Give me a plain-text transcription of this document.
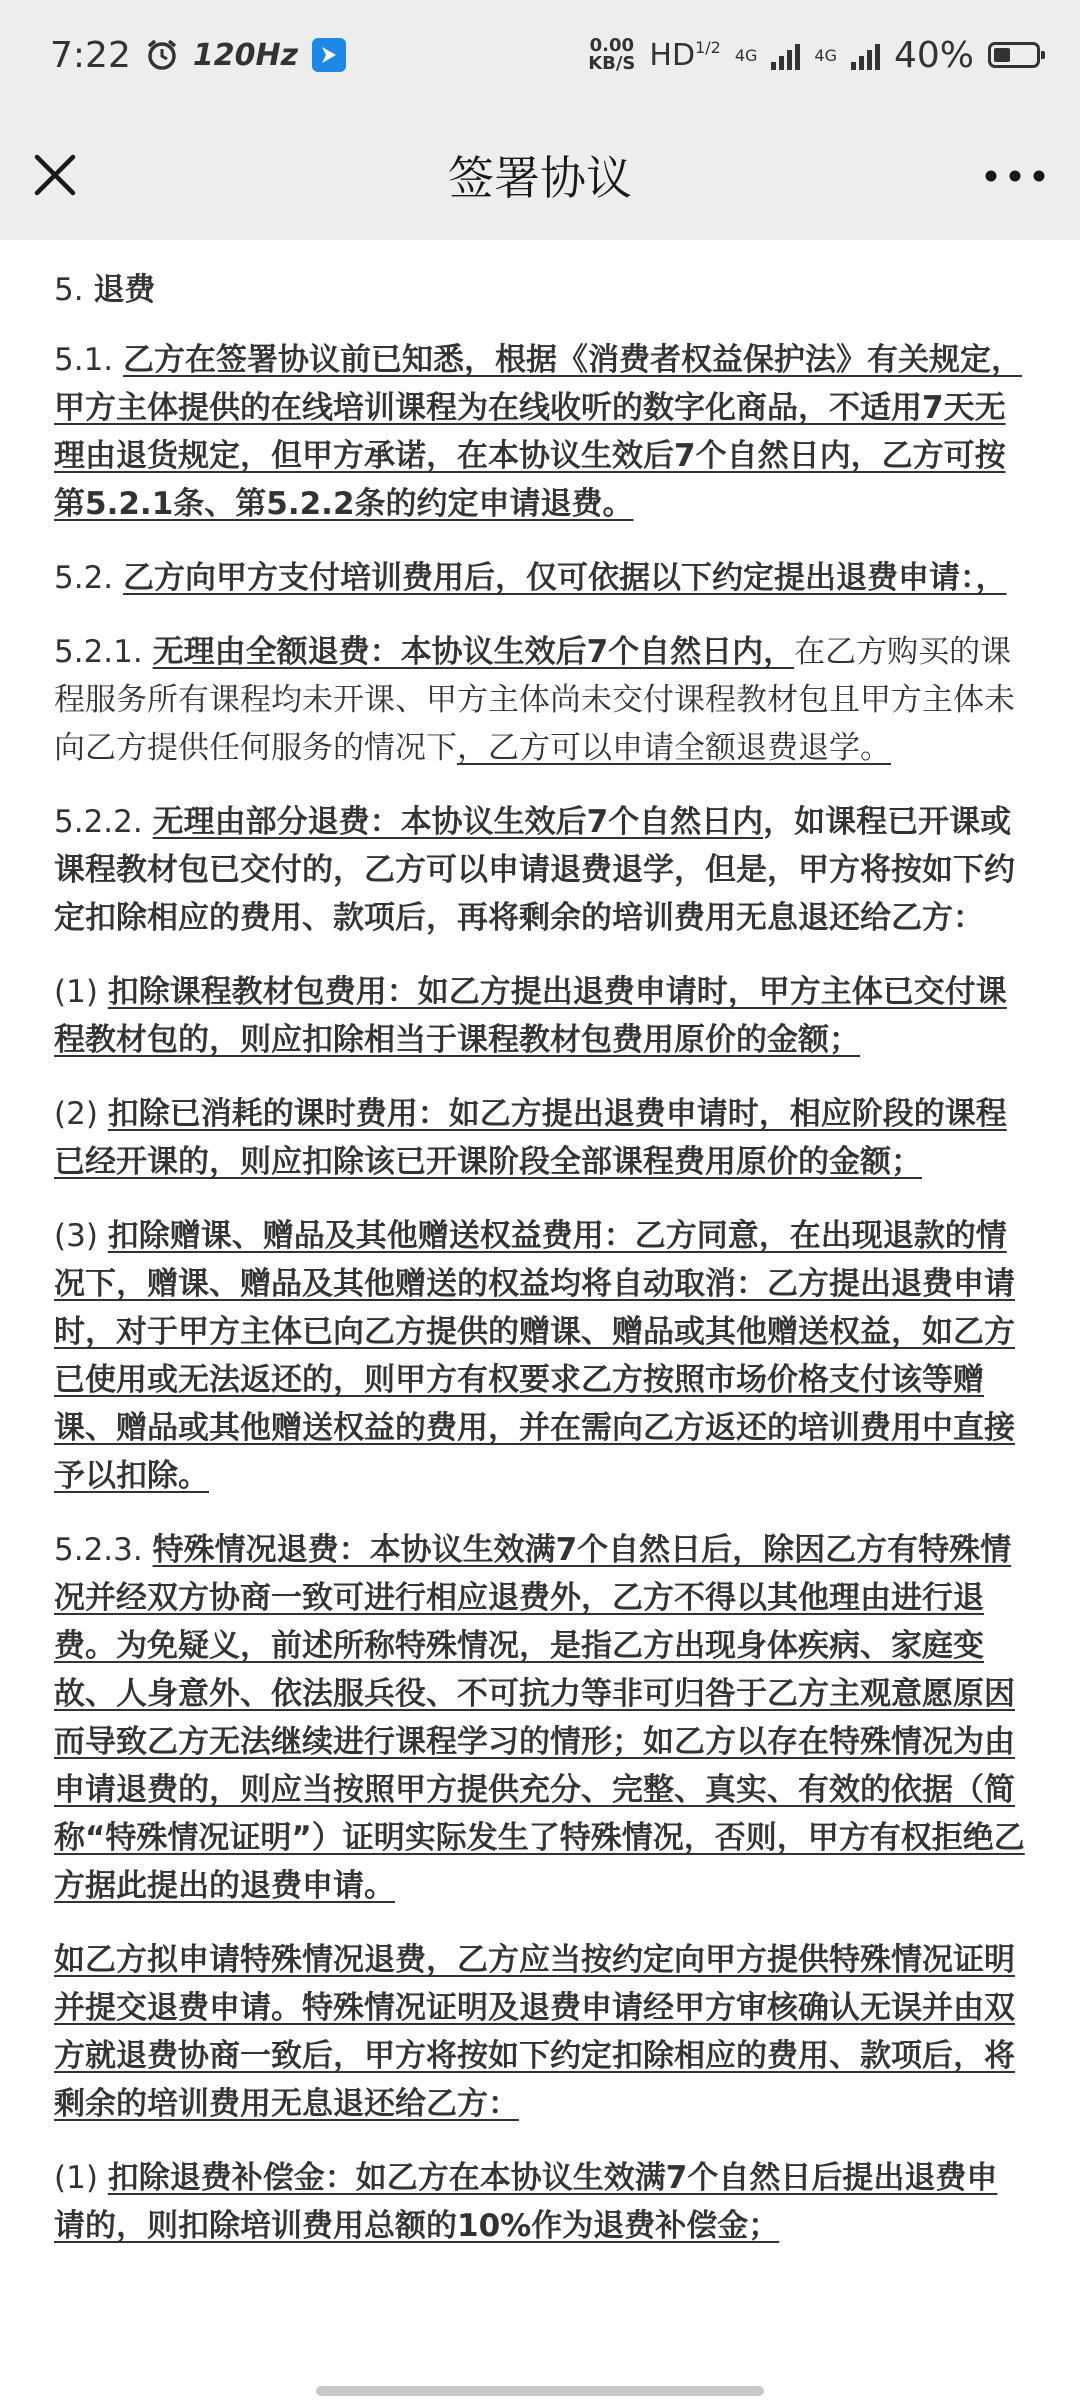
7:22 120Hz	0.00
KB/S $HD^{1/2}$ 4G	4G 40%
签署协议

5. 退费

5.1. 乙方在签署协议前已知悉，根据《消费者权益保护法》有关规定，甲方主体提供的在线培训课程为在线收听的数字化商品，不适用7天无理由退货规定，但甲方承诺，在本协议生效后7个自然日内，乙方可按第5.2.1条、第5.2.2条的约定申请退费。

5.2. 乙方向甲方支付培训费用后，仅可依据以下约定提出退费申请：，

5.2.1. 无理由全额退费：本协议生效后7个自然日内，在乙方购买的课程服务所有课程均未开课、甲方主体尚未交付课程教材包且甲方主体未向乙方提供任何服务的情况下，乙方可以申请全额退费退学。

5.2.2. 无理由部分退费：本协议生效后7个自然日内，如课程已开课或课程教材包已交付的，乙方可以申请退费退学，但是，甲方将按如下约定扣除相应的费用、款项后，再将剩余的培训费用无息退还给乙方：

(1) 扣除课程教材包费用：如乙方提出退费申请时，甲方主体已交付课程教材包的，则应扣除相当于课程教材包费用原价的金额；

(2) 扣除已消耗的课时费用：如乙方提出退费申请时，相应阶段的课程已经开课的，则应扣除该已开课阶段全部课程费用原价的金额；

(3) 扣除赠课、赠品及其他赠送权益费用：乙方同意，在出现退款的情况下，赠课、赠品及其他赠送的权益均将自动取消：乙方提出退费申请时，对于甲方主体已向乙方提供的赠课、赠品或其他赠送权益，如乙方已使用或无法返还的，则甲方有权要求乙方按照市场价格支付该等赠课、赠品或其他赠送权益的费用，并在需向乙方返还的培训费用中直接予以扣除。

5.2.3. 特殊情况退费：本协议生效满7个自然日后，除因乙方有特殊情况并经双方协商一致可进行相应退费外，乙方不得以其他理由进行退费。为免疑义，前述所称特殊情况，是指乙方出现身体疾病、家庭变故、人身意外、依法服兵役、不可抗力等非可归咎于乙方主观意愿原因而导致乙方无法继续进行课程学习的情形；如乙方以存在特殊情况为由申请退费的，则应当按照甲方提供充分、完整、真实、有效的依据（简称“特殊情况证明”）证明实际发生了特殊情况，否则，甲方有权拒绝乙方据此提出的退费申请。

如乙方拟申请特殊情况退费，乙方应当按约定向甲方提供特殊情况证明并提交退费申请。特殊情况证明及退费申请经甲方审核确认无误并由双方就退费协商一致后，甲方将按如下约定扣除相应的费用、款项后，将剩余的培训费用无息退还给乙方：

(1) 扣除退费补偿金：如乙方在本协议生效满7个自然日后提出退费申请的，则扣除培训费用总额的10%作为退费补偿金；
